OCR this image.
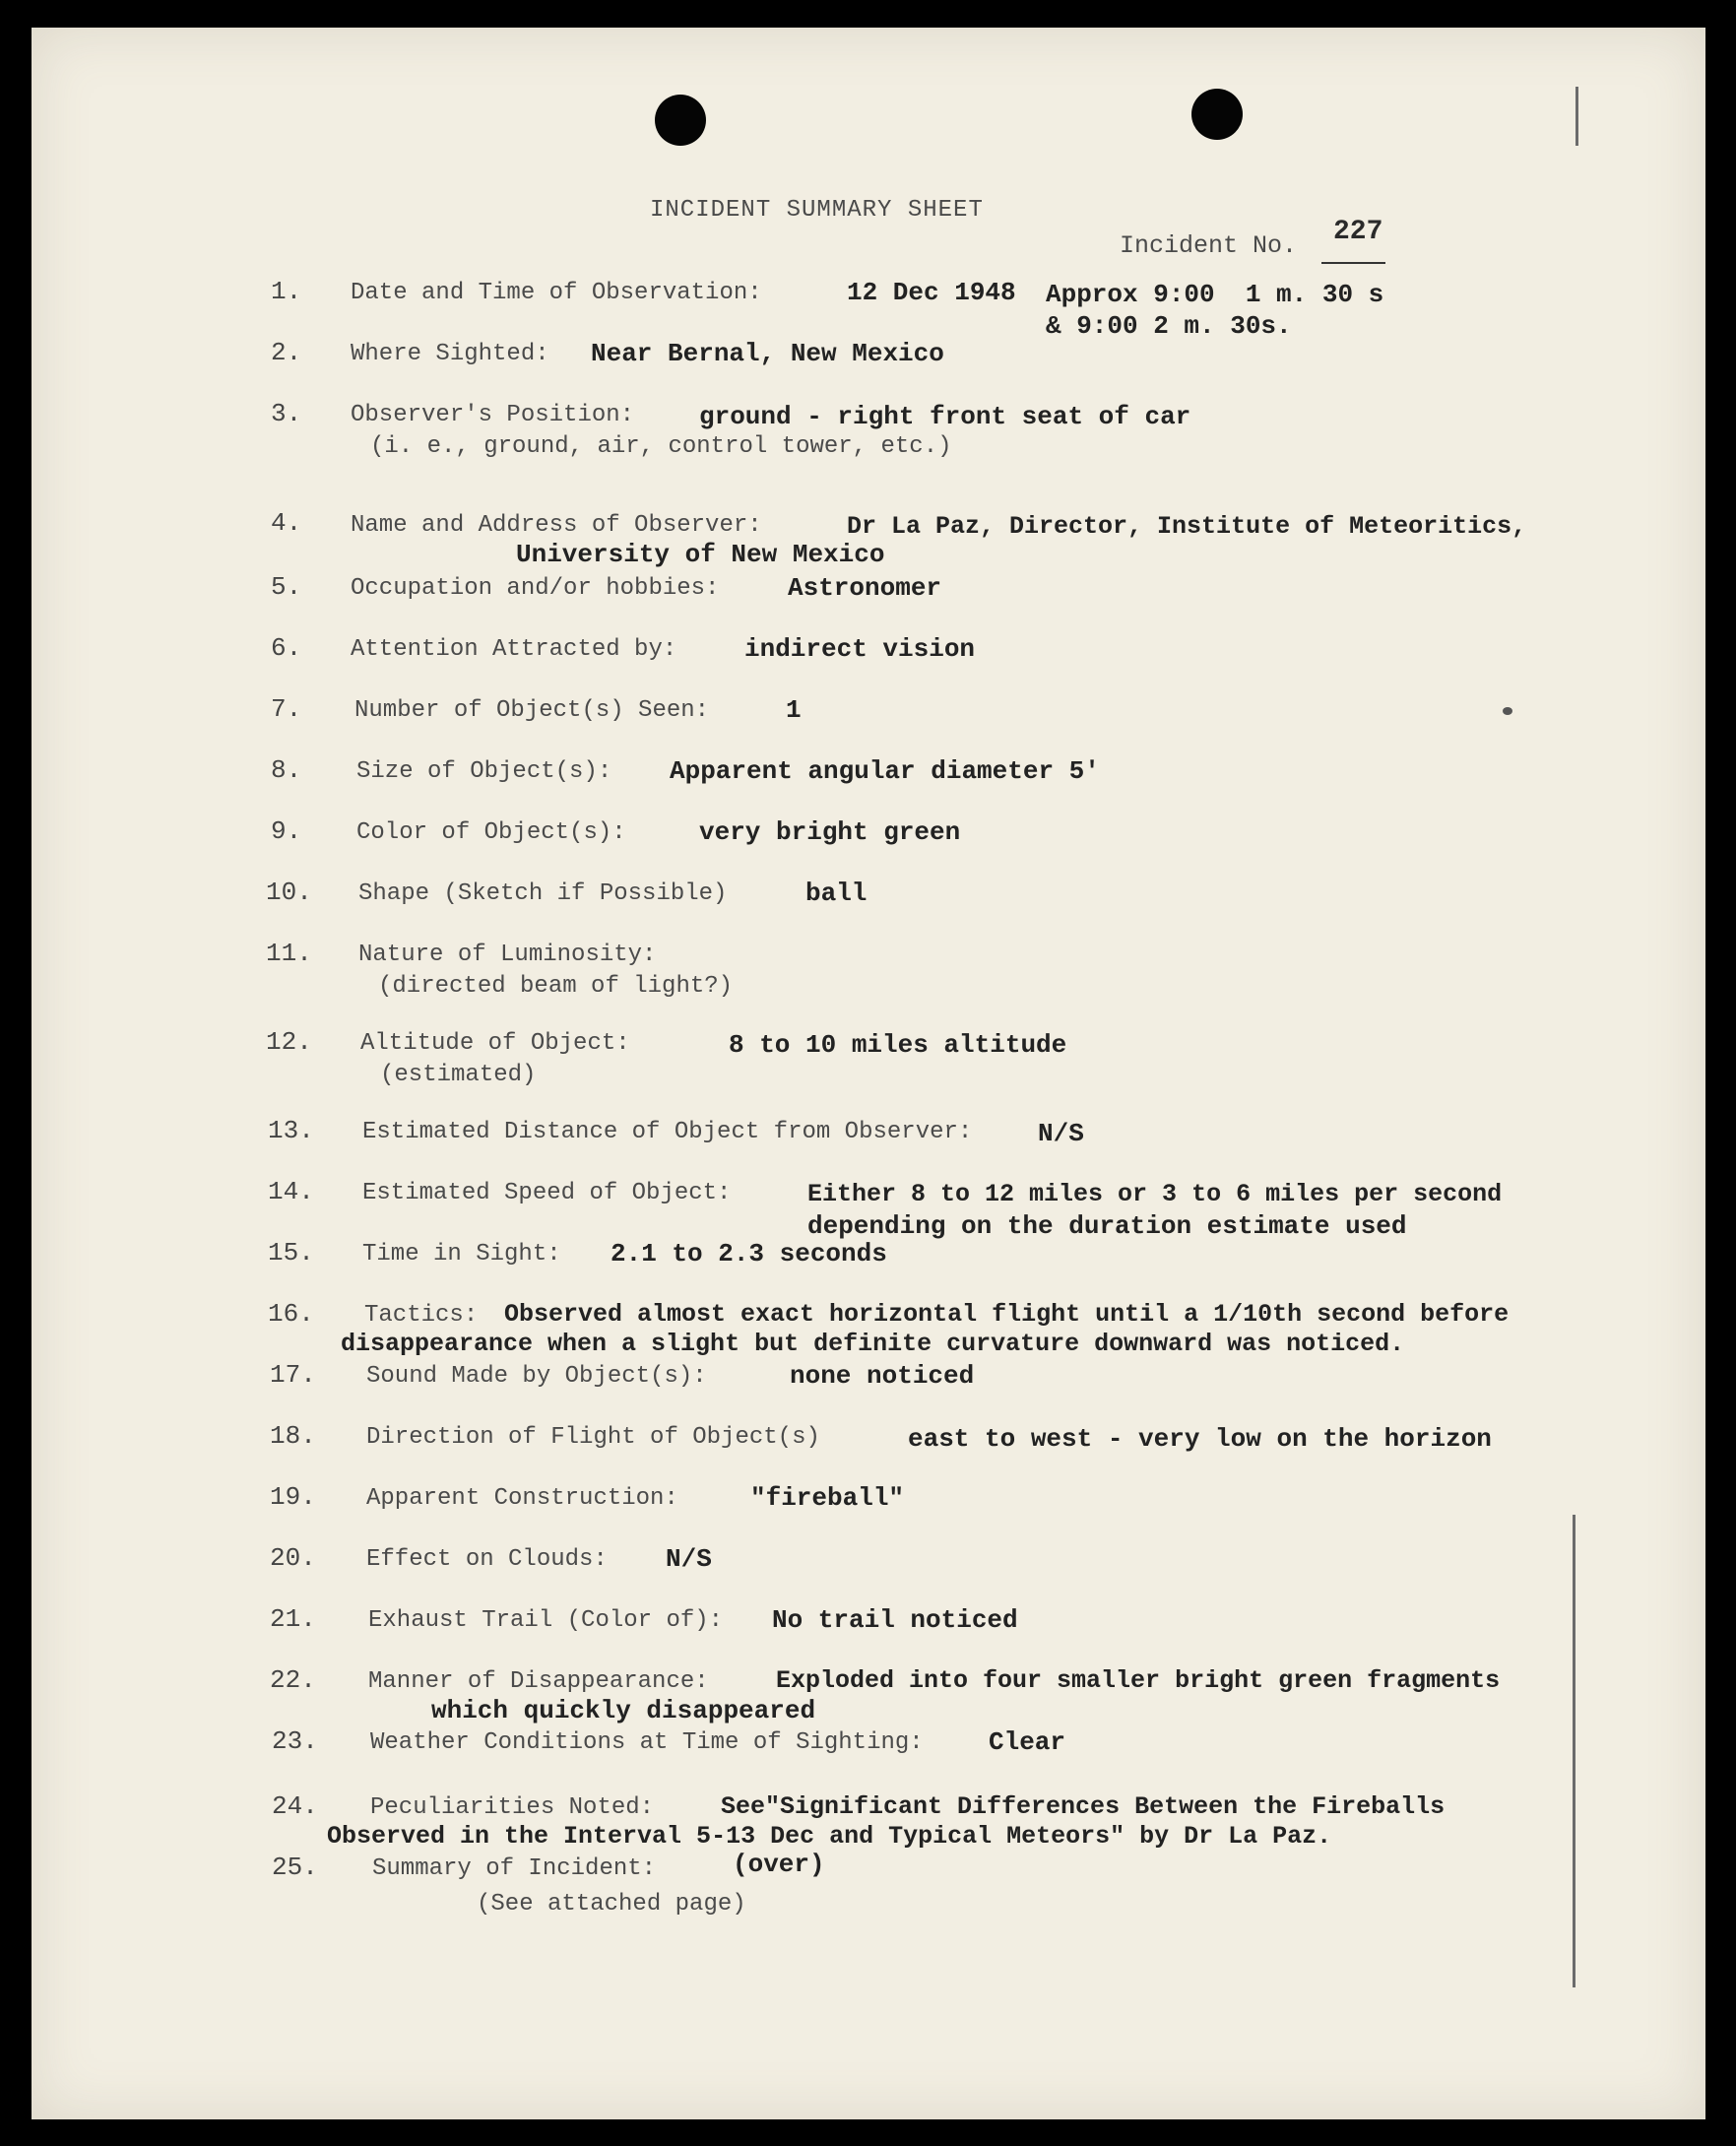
INCIDENT SUMMARY SHEET
Incident No. 227
1. Date and Time of Observation:	12 Dec 1948 Approx 9:00  1 m. 30 s
& 9:00 2 m. 30s.
2. Where Sighted: Near Bernal, New Mexico
3. Observer's Position:
(i. e., ground, air, control tower, etc.)
ground - right front seat of car
4. Name and Address of Observer:	Dr La Paz, Director, Institute of Meteoritics,
University of New Mexico
5. Occupation and/or hobbies:	Astronomer
6. Attention Attracted by:	indirect vision
7. Number of Object(s) Seen:	1
8. Size of Object(s): Apparent angular diameter 5'
9. Color of Object(s):	very bright green
10. Shape (Sketch if Possible)	ball
11. Nature of Luminosity:
(directed beam of light?)
12. Altitude of Object:
(estimated)
8 to 10 miles altitude
13. Estimated Distance of Object from Observer:	N/S
14. Estimated Speed of Object:	Either 8 to 12 miles or 3 to 6 miles per second
depending on the duration estimate used
15. Time in Sight: 2.1 to 2.3 seconds
16. Tactics: Observed almost exact horizontal flight until a 1/10th second before
disappearance when a slight but definite curvature downward was noticed.
17. Sound Made by Object(s):	none noticed
18. Direction of Flight of Object(s)	east to west - very low on the horizon
19. Apparent Construction:	"fireball"
20. Effect on Clouds: N/S
21. Exhaust Trail (Color of): No trail noticed
22. Manner of Disappearance:	Exploded into four smaller bright green fragments
which quickly disappeared
23. Weather Conditions at Time of Sighting:	Clear
24. Peculiarities Noted:	See"Significant Differences Between the Fireballs
Observed in the Interval 5-13 Dec and Typical Meteors" by Dr La Paz.
25. Summary of Incident:	(over)
(See attached page)
